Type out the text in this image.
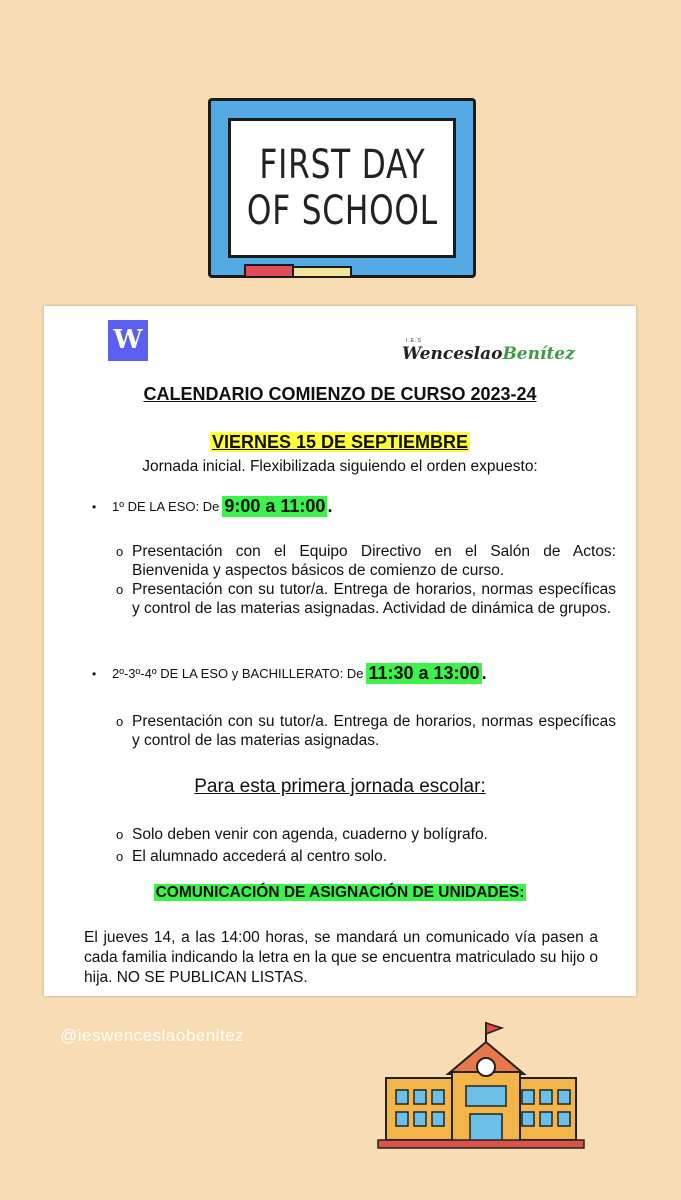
FIRST DAY
OF SCHOOL
W	I.E.S
WenceslaoBenítez
CALENDARIO COMIENZO DE CURSO 2023-24
VIERNES 15 DE SEPTIEMBRE
Jornada inicial. Flexibilizada siguiendo el orden expuesto:
•	1º DE LA ESO: De 9:00 a 11:00 .
o Presentación con el Equipo Directivo en el Salón de Actos: Bienvenida y aspectos básicos de comienzo de curso.
o Presentación con su tutor/a. Entrega de horarios, normas específicas y control de las materias asignadas. Actividad de dinámica de grupos.
•	2º-3º-4º DE LA ESO y BACHILLERATO: De 11:30 a 13:00 .
o Presentación con su tutor/a. Entrega de horarios, normas específicas y control de las materias asignadas.
Para esta primera jornada escolar:
o Solo deben venir con agenda, cuaderno y bolígrafo.
o El alumnado accederá al centro solo.
COMUNICACIÓN DE ASIGNACIÓN DE UNIDADES:
El jueves 14, a las 14:00 horas, se mandará un comunicado vía pasen a cada familia indicando la letra en la que se encuentra matriculado su hijo o hija. NO SE PUBLICAN LISTAS.
@ieswenceslaobenitez
